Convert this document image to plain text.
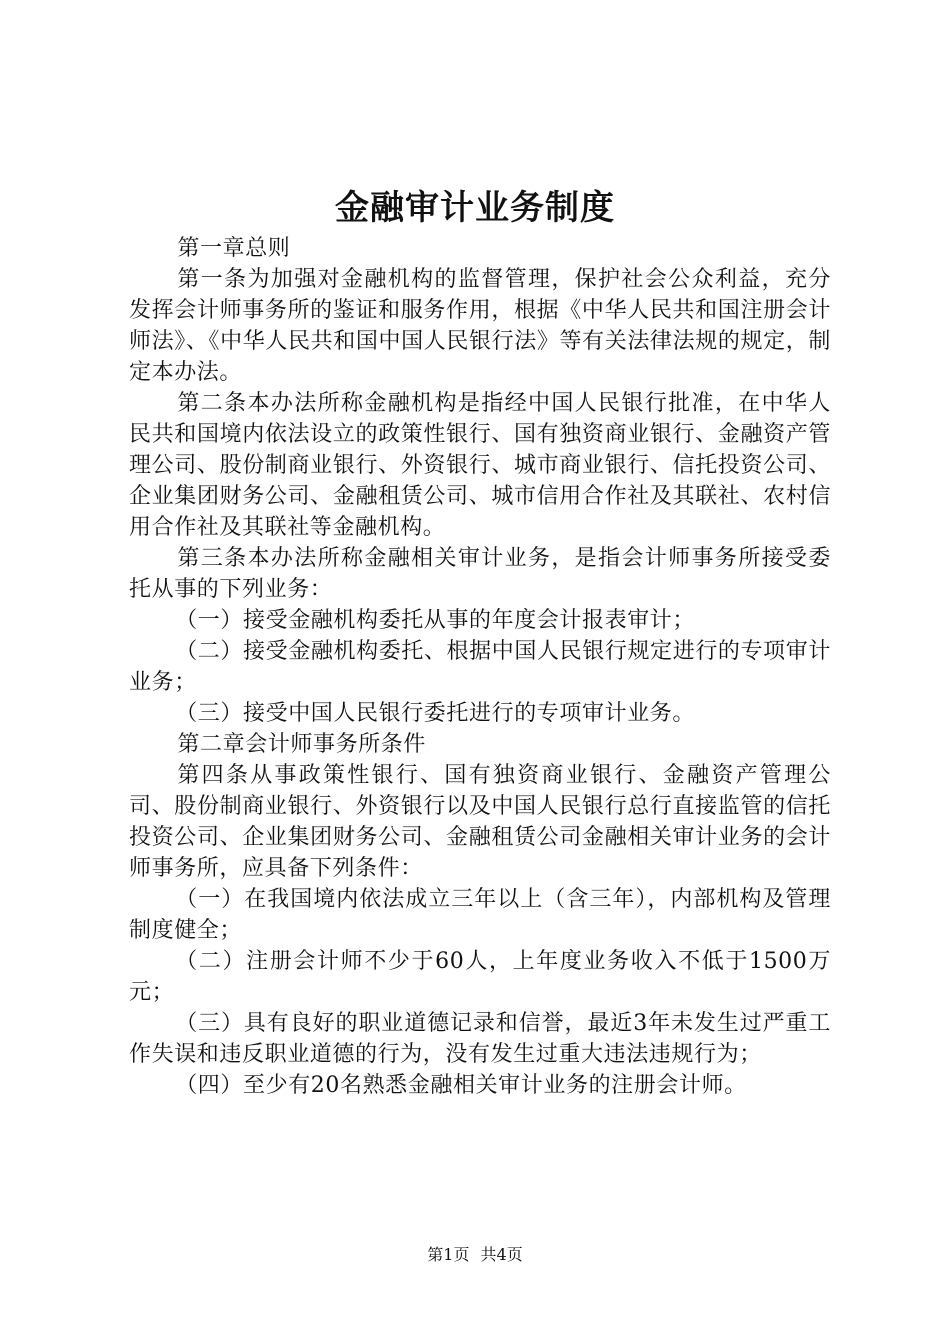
金融审计业务制度

第一章总则

第一条为加强对金融机构的监督管理，保护社会公众利益，充分发挥会计师事务所的鉴证和服务作用，根据《中华人民共和国注册会计师法》、《中华人民共和国中国人民银行法》等有关法律法规的规定，制定本办法。

第二条本办法所称金融机构是指经中国人民银行批准，在中华人民共和国境内依法设立的政策性银行、国有独资商业银行、金融资产管理公司、股份制商业银行、外资银行、城市商业银行、信托投资公司、企业集团财务公司、金融租赁公司、城市信用合作社及其联社、农村信用合作社及其联社等金融机构。

第三条本办法所称金融相关审计业务，是指会计师事务所接受委托从事的下列业务：

（一）接受金融机构委托从事的年度会计报表审计；

（二）接受金融机构委托、根据中国人民银行规定进行的专项审计业务；

（三）接受中国人民银行委托进行的专项审计业务。

第二章会计师事务所条件

第四条从事政策性银行、国有独资商业银行、金融资产管理公司、股份制商业银行、外资银行以及中国人民银行总行直接监管的信托投资公司、企业集团财务公司、金融租赁公司金融相关审计业务的会计师事务所，应具备下列条件：

（一）在我国境内依法成立三年以上（含三年），内部机构及管理制度健全；

（二）注册会计师不少于60人，上年度业务收入不低于1500万元；

（三）具有良好的职业道德记录和信誉，最近3年未发生过严重工作失误和违反职业道德的行为，没有发生过重大违法违规行为；

（四）至少有20名熟悉金融相关审计业务的注册会计师。

第1页 共4页
